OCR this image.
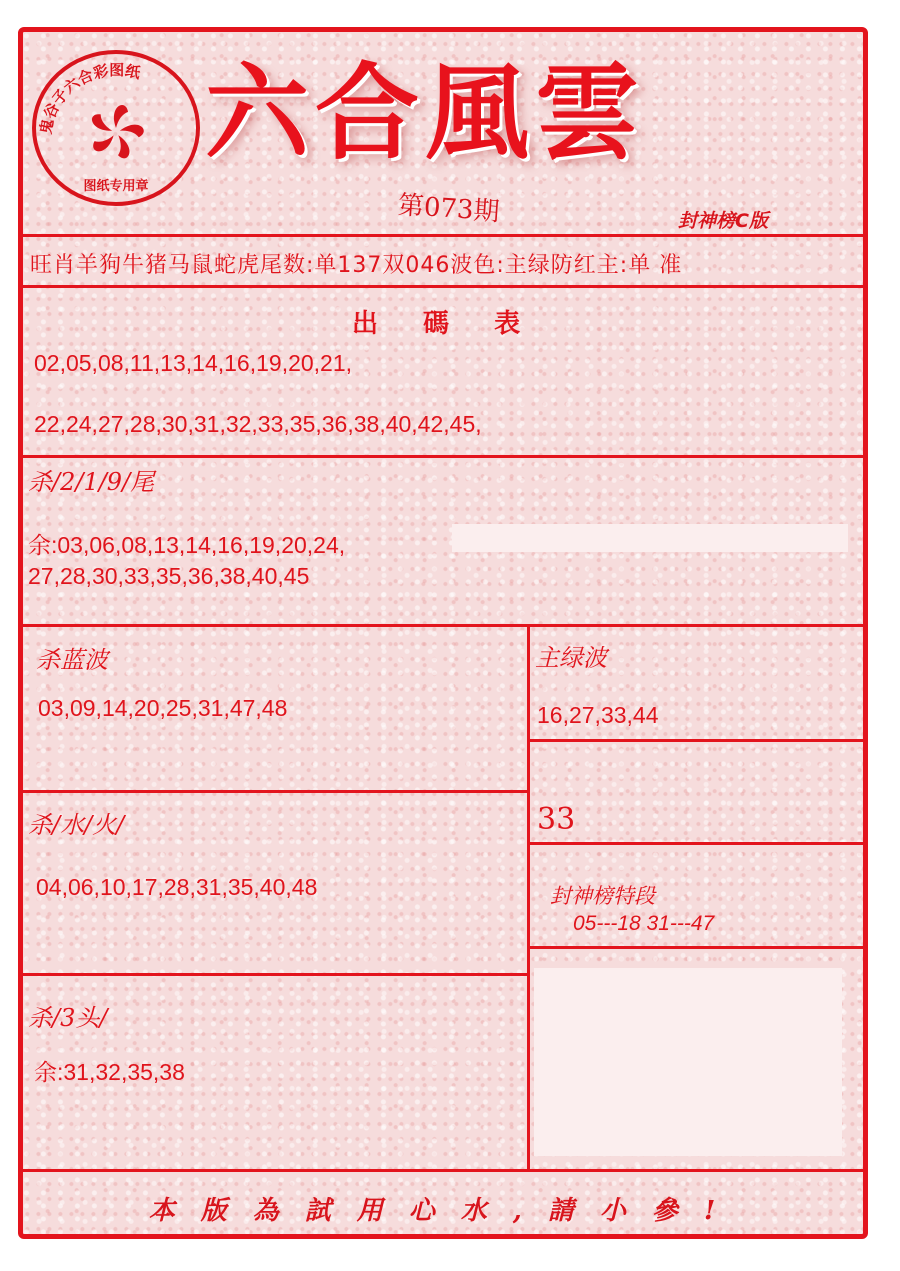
鬼谷子六合彩图纸
图纸专用章
六合風雲
第073期	封神榜C版
旺肖羊狗牛猪马鼠蛇虎尾数:单137双046波色:主绿防红主:单 准
出 碼 表
02,05,08,11,13,14,16,19,20,21,
22,24,27,28,30,31,32,33,35,36,38,40,42,45,
杀/2/1/9/尾
余:03,06,08,13,14,16,19,20,24,
27,28,30,33,35,36,38,40,45
杀蓝波
03,09,14,20,25,31,47,48
杀/水/火/
04,06,10,17,28,31,35,40,48
杀/3头/
余:31,32,35,38
主绿波
16,27,33,44
33
封神榜特段
05---18 31---47
本版為試用心水,請小參!
